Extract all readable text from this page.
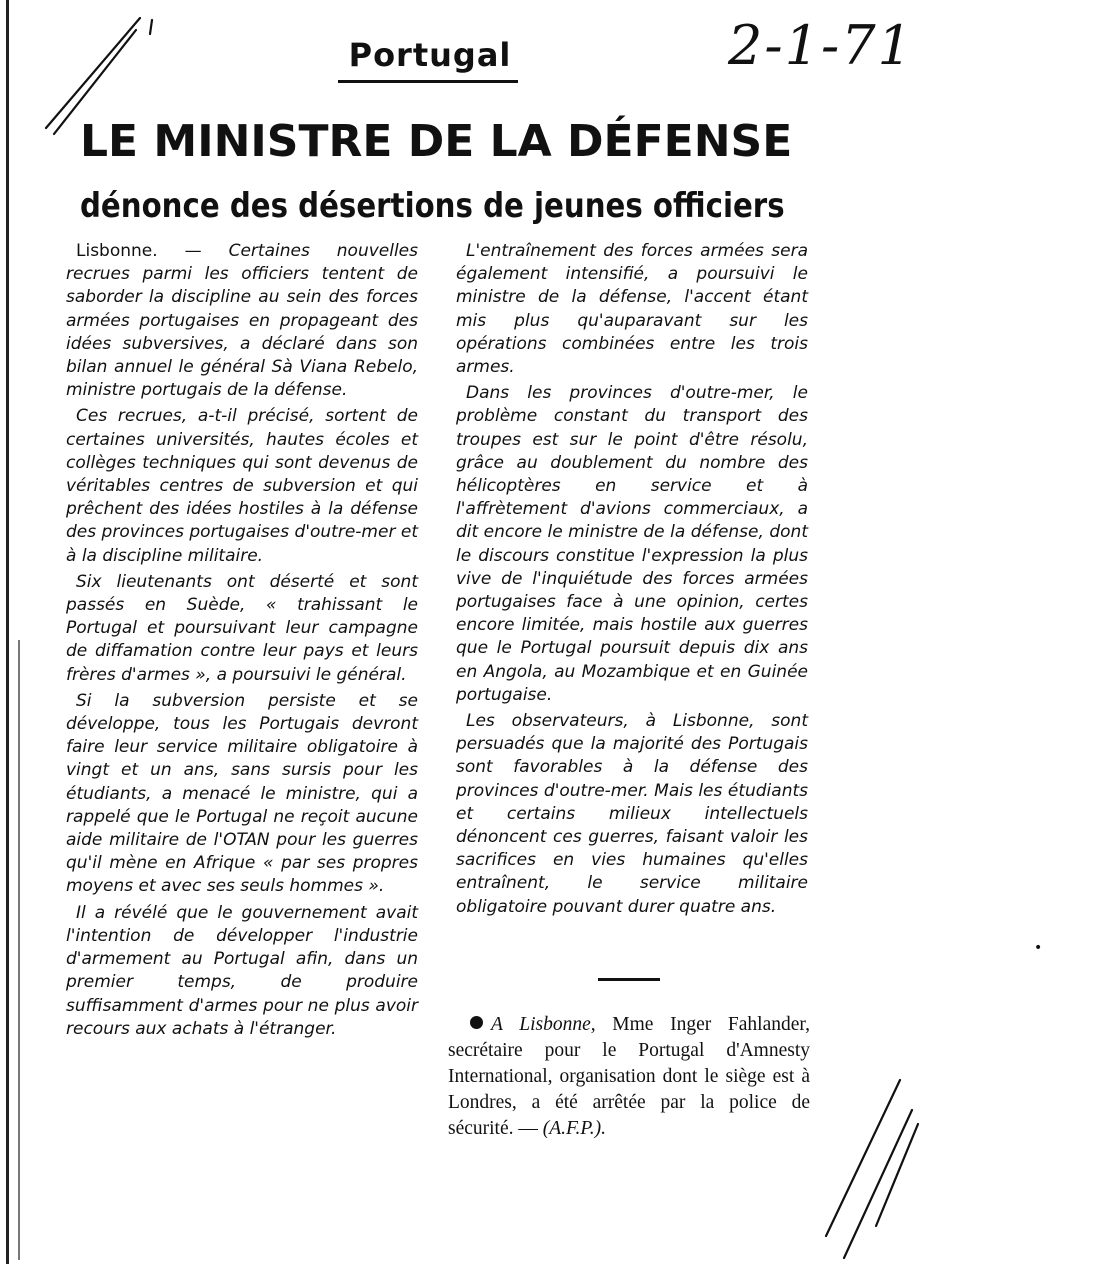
Portugal	2-1-71
LE MINISTRE DE LA DÉFENSE
dénonce des désertions de jeunes officiers

Lisbonne. — Certaines nouvelles recrues parmi les officiers tentent de saborder la discipline au sein des forces armées portugaises en propageant des idées subversives, a déclaré dans son bilan annuel le général Sà Viana Rebelo, ministre portugais de la défense.

Ces recrues, a-t-il précisé, sortent de certaines universités, hautes écoles et collèges techniques qui sont devenus de véritables centres de subversion et qui prêchent des idées hostiles à la défense des provinces portugaises d'outre-mer et à la discipline militaire.

Six lieutenants ont déserté et sont passés en Suède, « trahissant le Portugal et poursuivant leur campagne de diffamation contre leur pays et leurs frères d'armes », a poursuivi le général.

Si la subversion persiste et se développe, tous les Portugais devront faire leur service militaire obligatoire à vingt et un ans, sans sursis pour les étudiants, a menacé le ministre, qui a rappelé que le Portugal ne reçoit aucune aide militaire de l'OTAN pour les guerres qu'il mène en Afrique « par ses propres moyens et avec ses seuls hommes ».

Il a révélé que le gouvernement avait l'intention de développer l'industrie d'armement au Portugal afin, dans un premier temps, de produire suffisamment d'armes pour ne plus avoir recours aux achats à l'étranger.

L'entraînement des forces armées sera également intensifié, a poursuivi le ministre de la défense, l'accent étant mis plus qu'auparavant sur les opérations combinées entre les trois armes.

Dans les provinces d'outre-mer, le problème constant du transport des troupes est sur le point d'être résolu, grâce au doublement du nombre des hélicoptères en service et à l'affrètement d'avions commerciaux, a dit encore le ministre de la défense, dont le discours constitue l'expression la plus vive de l'inquiétude des forces armées portugaises face à une opinion, certes encore limitée, mais hostile aux guerres que le Portugal poursuit depuis dix ans en Angola, au Mozambique et en Guinée portugaise.

Les observateurs, à Lisbonne, sont persuadés que la majorité des Portugais sont favorables à la défense des provinces d'outre-mer. Mais les étudiants et certains milieux intellectuels dénoncent ces guerres, faisant valoir les sacrifices en vies humaines qu'elles entraînent, le service militaire obligatoire pouvant durer quatre ans.

A Lisbonne, Mme Inger Fahlander, secrétaire pour le Portugal d'Amnesty International, organisation dont le siège est à Londres, a été arrêtée par la police de sécurité. — (A.F.P.).
•
